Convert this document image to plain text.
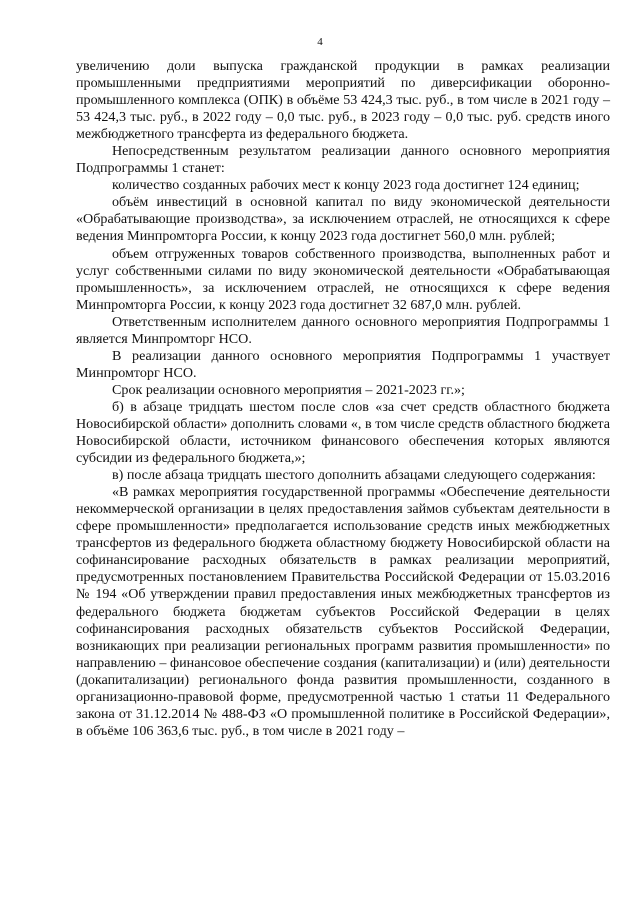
4

увеличению доли выпуска гражданской продукции в рамках реализации промышленными предприятиями мероприятий по диверсификации оборонно-промышленного комплекса (ОПК) в объёме 53 424,3 тыс. руб., в том числе в 2021 году – 53 424,3 тыс. руб., в 2022 году – 0,0 тыс. руб., в 2023 году – 0,0 тыс. руб. средств иного межбюджетного трансферта из федерального бюджета.

Непосредственным результатом реализации данного основного мероприятия Подпрограммы 1 станет:

количество созданных рабочих мест к концу 2023 года достигнет 124 единиц;

объём инвестиций в основной капитал по виду экономической деятельности «Обрабатывающие производства», за исключением отраслей, не относящихся к сфере ведения Минпромторга России, к концу 2023 года достигнет 560,0 млн. рублей;

объем отгруженных товаров собственного производства, выполненных работ и услуг собственными силами по виду экономической деятельности «Обрабатывающая промышленность», за исключением отраслей, не относящихся к сфере ведения Минпромторга России, к концу 2023 года достигнет 32 687,0 млн. рублей.

Ответственным исполнителем данного основного мероприятия Подпрограммы 1 является Минпромторг НСО.

В реализации данного основного мероприятия Подпрограммы 1 участвует Минпромторг НСО.

Срок реализации основного мероприятия – 2021-2023 гг.»;

б) в абзаце тридцать шестом после слов «за счет средств областного бюджета Новосибирской области» дополнить словами «, в том числе средств областного бюджета Новосибирской области, источником финансового обеспечения которых являются субсидии из федерального бюджета,»;

в) после абзаца тридцать шестого дополнить абзацами следующего содержания:

«В рамках мероприятия государственной программы «Обеспечение деятельности некоммерческой организации в целях предоставления займов субъектам деятельности в сфере промышленности» предполагается использование средств иных межбюджетных трансфертов из федерального бюджета областному бюджету Новосибирской области на софинансирование расходных обязательств в рамках реализации мероприятий, предусмотренных постановлением Правительства Российской Федерации от 15.03.2016 № 194 «Об утверждении правил предоставления иных межбюджетных трансфертов из федерального бюджета бюджетам субъектов Российской Федерации в целях софинансирования расходных обязательств субъектов Российской Федерации, возникающих при реализации региональных программ развития промышленности» по направлению – финансовое обеспечение создания (капитализации) и (или) деятельности (докапитализации) регионального фонда развития промышленности, созданного в организационно-правовой форме, предусмотренной частью 1 статьи 11 Федерального закона от 31.12.2014 № 488-ФЗ «О промышленной политике в Российской Федерации», в объёме 106 363,6 тыс. руб., в том числе в 2021 году –
